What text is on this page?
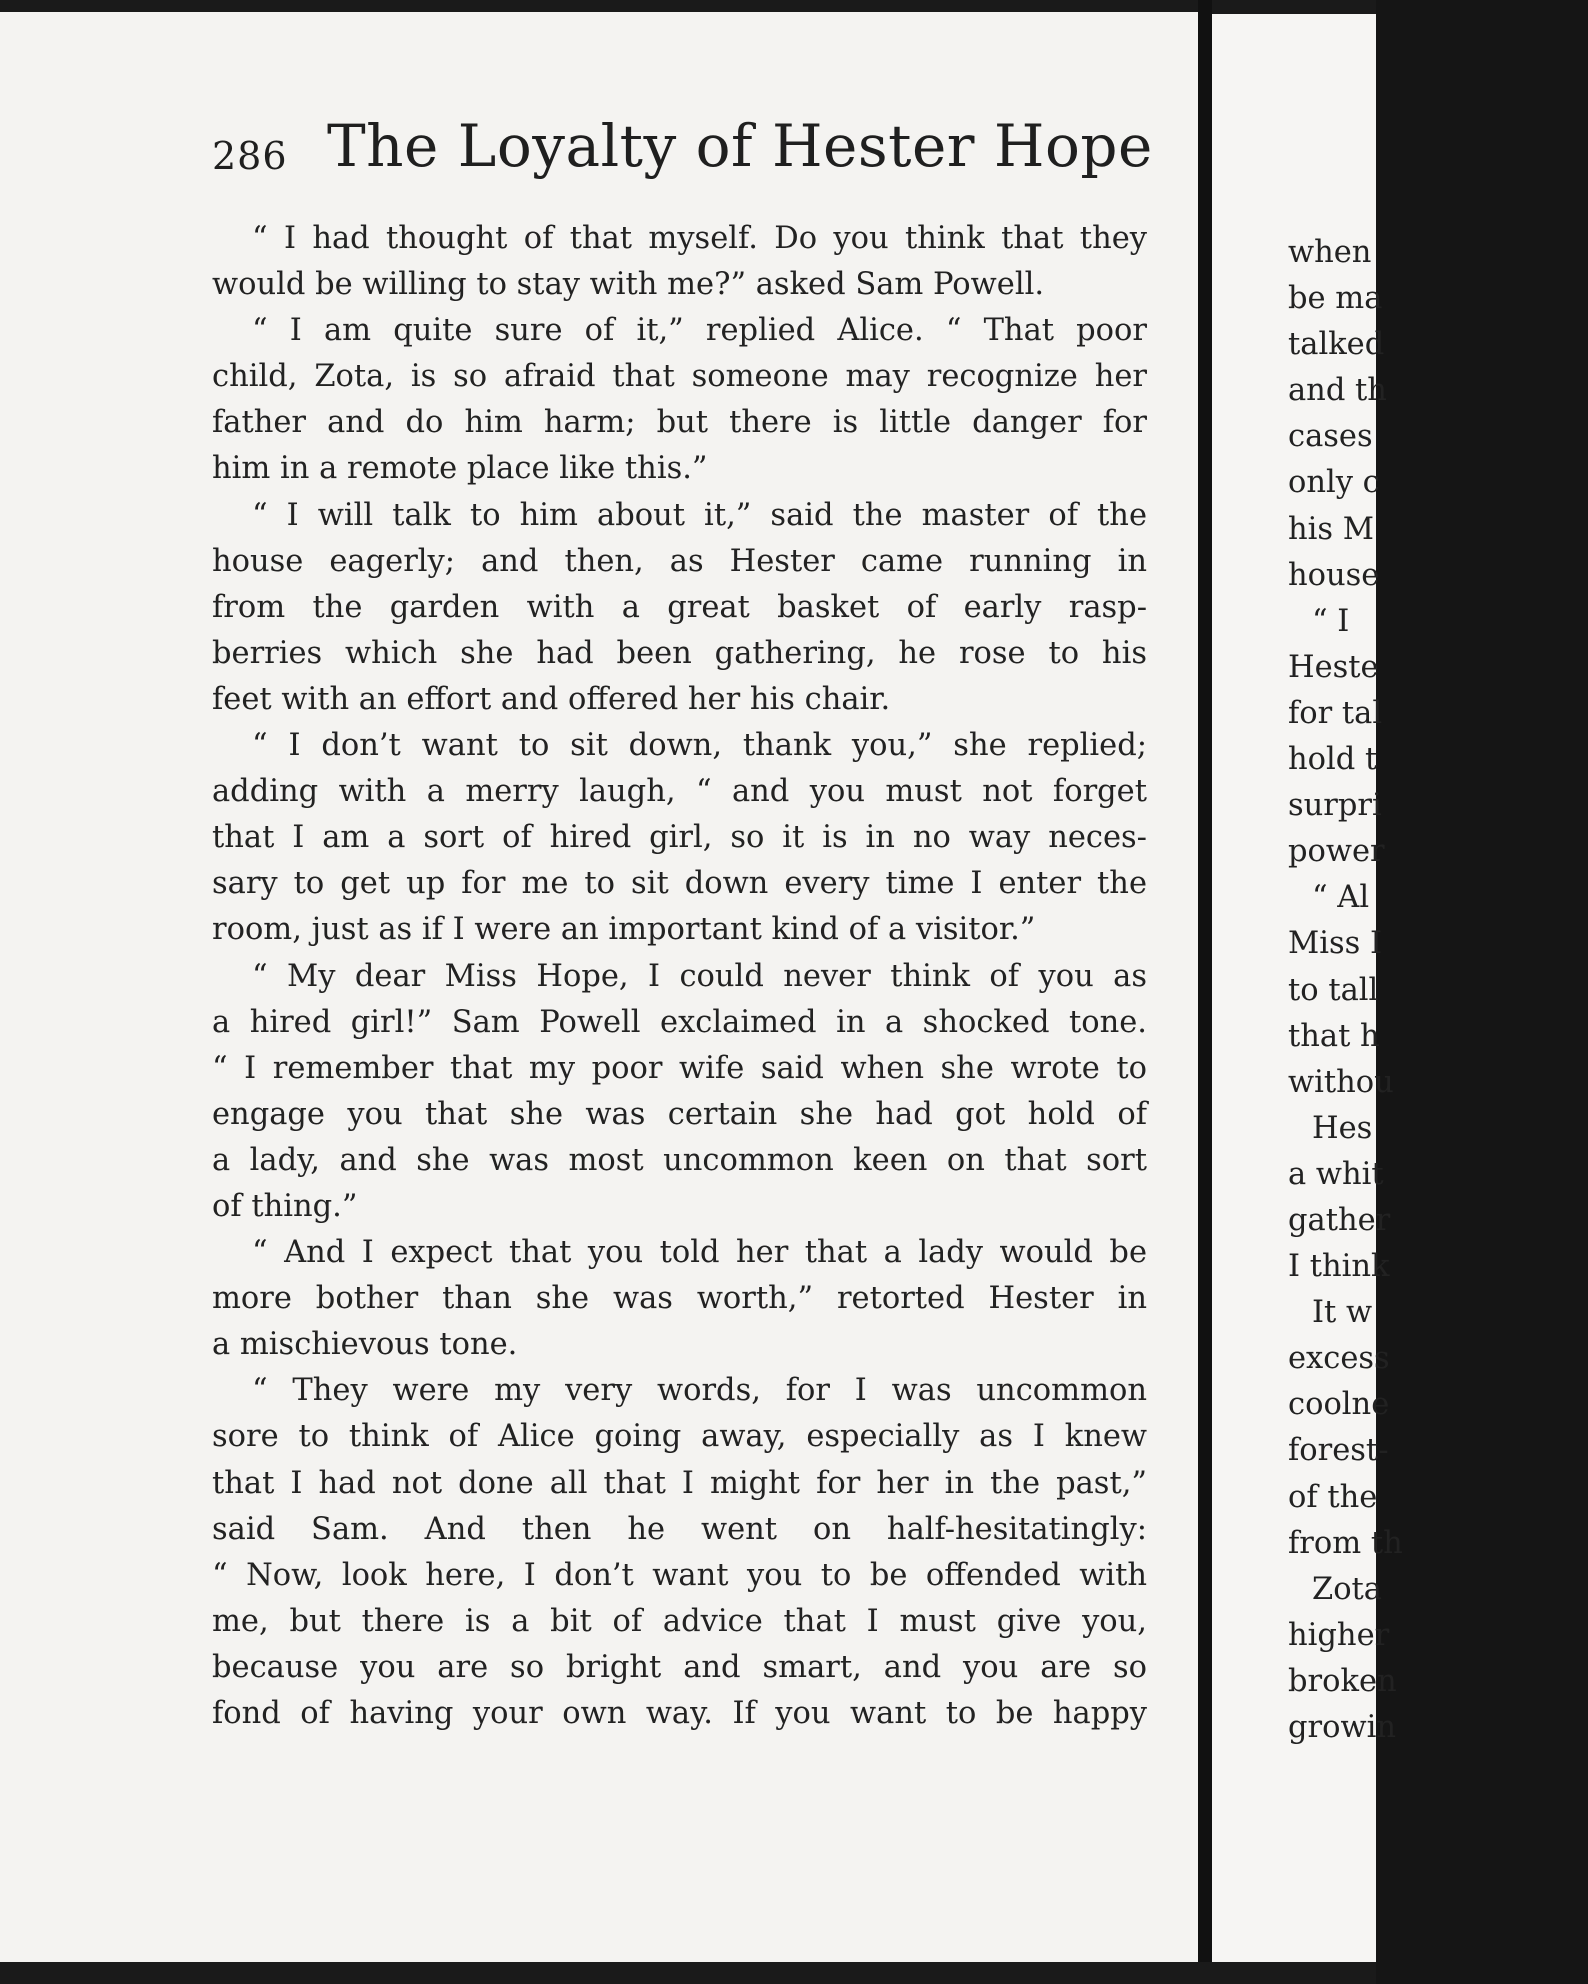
286 The Loyalty of Hester Hope
“ I had thought of that myself. Do you think that they
would be willing to stay with me?” asked Sam Powell.
“ I am quite sure of it,” replied Alice. “ That poor
child, Zota, is so afraid that someone may recognize her
father and do him harm; but there is little danger for
him in a remote place like this.”
“ I will talk to him about it,” said the master of the
house eagerly; and then, as Hester came running in
from the garden with a great basket of early rasp-
berries which she had been gathering, he rose to his
feet with an effort and offered her his chair.
“ I don’t want to sit down, thank you,” she replied;
adding with a merry laugh, “ and you must not forget
that I am a sort of hired girl, so it is in no way neces-
sary to get up for me to sit down every time I enter the
room, just as if I were an important kind of a visitor.”
“ My dear Miss Hope, I could never think of you as
a hired girl!” Sam Powell exclaimed in a shocked tone.
“ I remember that my poor wife said when she wrote to
engage you that she was certain she had got hold of
a lady, and she was most uncommon keen on that sort
of thing.”
“ And I expect that you told her that a lady would be
more bother than she was worth,” retorted Hester in
a mischievous tone.
“ They were my very words, for I was uncommon
sore to think of Alice going away, especially as I knew
that I had not done all that I might for her in the past,”
said Sam. And then he went on half-hesitatingly:
“ Now, look here, I don’t want you to be offended with
me, but there is a bit of advice that I must give you,
because you are so bright and smart, and you are so
fond of having your own way. If you want to be happy
when
be ma
talked
and th
cases
only c
his M
house
“ I
Heste
for tal
hold t
surpri
power
“ Al
Miss I
to tall
that h
withou
Hes
a whit
gather
I think
It w
excess
coolne
forest-
of the
from th
Zota
higher
broken
growin
